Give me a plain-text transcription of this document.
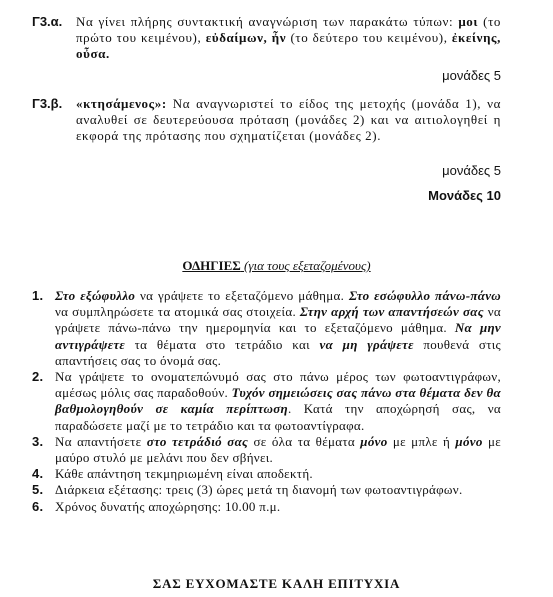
Γ3.α. Να γίνει πλήρης συντακτική αναγνώριση των παρακάτω τύπων: μοι (το πρώτο του κειμένου), εὐδαίμων, ἦν (το δεύτερο του κειμένου), ἐκείνης, οὖσα.
μονάδες 5
Γ3.β. «κτησάμενος»: Να αναγνωριστεί το είδος της μετοχής (μονάδα 1), να αναλυθεί σε δευτερεύουσα πρόταση (μονάδες 2) και να αιτιολογηθεί η εκφορά της πρότασης που σχηματίζεται (μονάδες 2).
μονάδες 5
Μονάδες 10
ΟΔΗΓΙΕΣ (για τους εξεταζομένους)
1. Στο εξώφυλλο να γράψετε το εξεταζόμενο μάθημα. Στο εσώφυλλο πάνω-πάνω να συμπληρώσετε τα ατομικά σας στοιχεία. Στην αρχή των απαντήσεών σας να γράψετε πάνω-πάνω την ημερομηνία και το εξεταζόμενο μάθημα. Να μην αντιγράψετε τα θέματα στο τετράδιο και να μη γράψετε πουθενά στις απαντήσεις σας το όνομά σας.
2. Να γράψετε το ονοματεπώνυμό σας στο πάνω μέρος των φωτοαντιγράφων, αμέσως μόλις σας παραδοθούν. Τυχόν σημειώσεις σας πάνω στα θέματα δεν θα βαθμολογηθούν σε καμία περίπτωση. Κατά την αποχώρησή σας, να παραδώσετε μαζί με το τετράδιο και τα φωτοαντίγραφα.
3. Να απαντήσετε στο τετράδιό σας σε όλα τα θέματα μόνο με μπλε ή μόνο με μαύρο στυλό με μελάνι που δεν σβήνει.
4. Κάθε απάντηση τεκμηριωμένη είναι αποδεκτή.
5. Διάρκεια εξέτασης: τρεις (3) ώρες μετά τη διανομή των φωτοαντιγράφων.
6. Χρόνος δυνατής αποχώρησης: 10.00 π.μ.
ΣΑΣ ΕΥΧΟΜΑΣΤΕ ΚΑΛΗ ΕΠΙΤΥΧΙΑ
